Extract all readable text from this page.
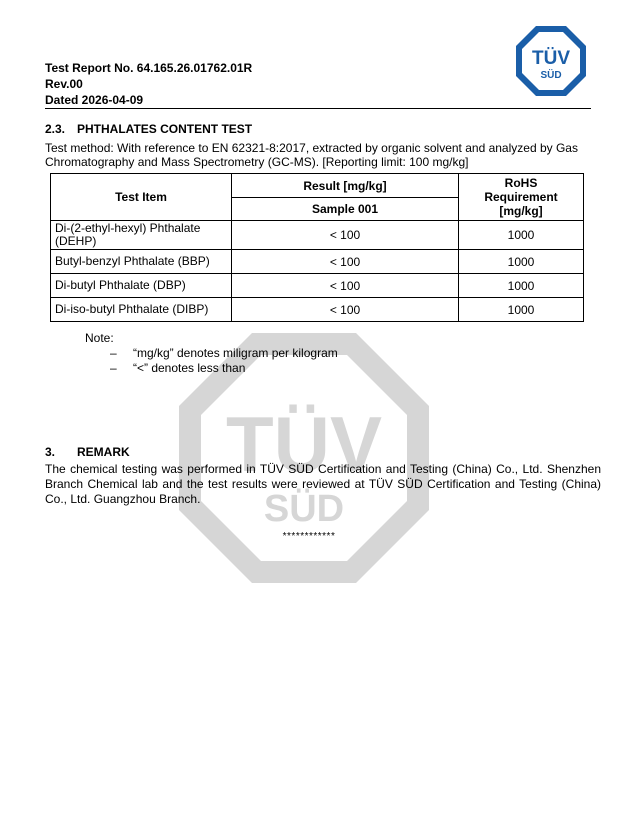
TÜV
SÜD
Test Report No. 64.165.26.01762.01R
Rev.00
Dated 2026-04-09
TÜV
SÜD
2.3. PHTHALATES CONTENT TEST
Test method: With reference to EN 62321-8:2017, extracted by organic solvent and analyzed by Gas Chromatography and Mass Spectrometry (GC-MS). [Reporting limit: 100 mg/kg]
Test Item	Result [mg/kg]	RoHS
Requirement
[mg/kg]
	Sample 001	
Di-(2-ethyl-hexyl) Phthalate (DEHP)	< 100	1000
Butyl-benzyl Phthalate (BBP)	< 100	1000
Di-butyl Phthalate (DBP)	< 100	1000
Di-iso-butyl Phthalate (DIBP)	< 100	1000
Note:
– “mg/kg” denotes miligram per kilogram
– “<” denotes less than
3. REMARK
The chemical testing was performed in TÜV SÜD Certification and Testing (China) Co., Ltd. Shenzhen Branch Chemical lab and the test results were reviewed at TÜV SÜD Certification and Testing (China) Co., Ltd. Guangzhou Branch.
************
